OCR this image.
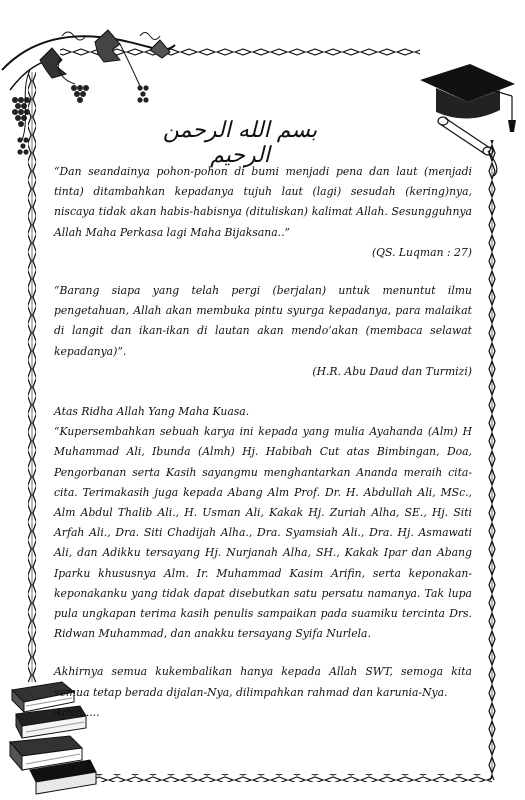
بسم الله الرحمن الرحيم

“Dan seandainya pohon-pohon di bumi menjadi pena dan laut (menjadi tinta) ditambahkan kepadanya tujuh laut (lagi) sesudah (kering)nya, niscaya tidak akan habis-habisnya (dituliskan) kalimat Allah. Sesungguhnya Allah Maha Perkasa lagi Maha Bijaksana..”

(QS. Luqman : 27)

“Barang siapa yang telah pergi (berjalan) untuk menuntut ilmu pengetahuan, Allah akan membuka pintu syurga kepadanya, para malaikat di langit dan ikan-ikan di lautan akan mendo’akan (membaca selawat kepadanya)”.

(H.R. Abu Daud dan Turmizi)

Atas Ridha Allah Yang Maha Kuasa.

“Kupersembahkan sebuah karya ini kepada yang mulia Ayahanda (Alm) H Muhammad Ali, Ibunda (Almh) Hj. Habibah Cut atas Bimbingan, Doa, Pengorbanan serta Kasih sayangmu menghantarkan Ananda meraih cita-cita. Terimakasih juga kepada Abang Alm Prof. Dr. H. Abdullah Ali, MSc., Alm Abdul Thalib Ali., H. Usman Ali, Kakak Hj. Zuriah Alha, SE., Hj. Siti Arfah Ali., Dra. Siti Chadijah Alha., Dra. Syamsiah Ali., Dra. Hj. Asmawati Ali, dan Adikku tersayang Hj. Nurjanah Alha, SH., Kakak Ipar dan Abang Iparku khususnya Alm. Ir. Muhammad Kasim Arifin, serta keponakan-keponakanku yang tidak dapat disebutkan satu persatu namanya. Tak lupa pula ungkapan terima kasih penulis sampaikan pada suamiku tercinta Drs. Ridwan Muhammad, dan anakku tersayang Syifa Nurlela.

Akhirnya semua kukembalikan hanya kepada Allah SWT, semoga kita semua tetap berada dijalan-Nya, dilimpahkan rahmad dan karunia-Nya.

Amin.....
